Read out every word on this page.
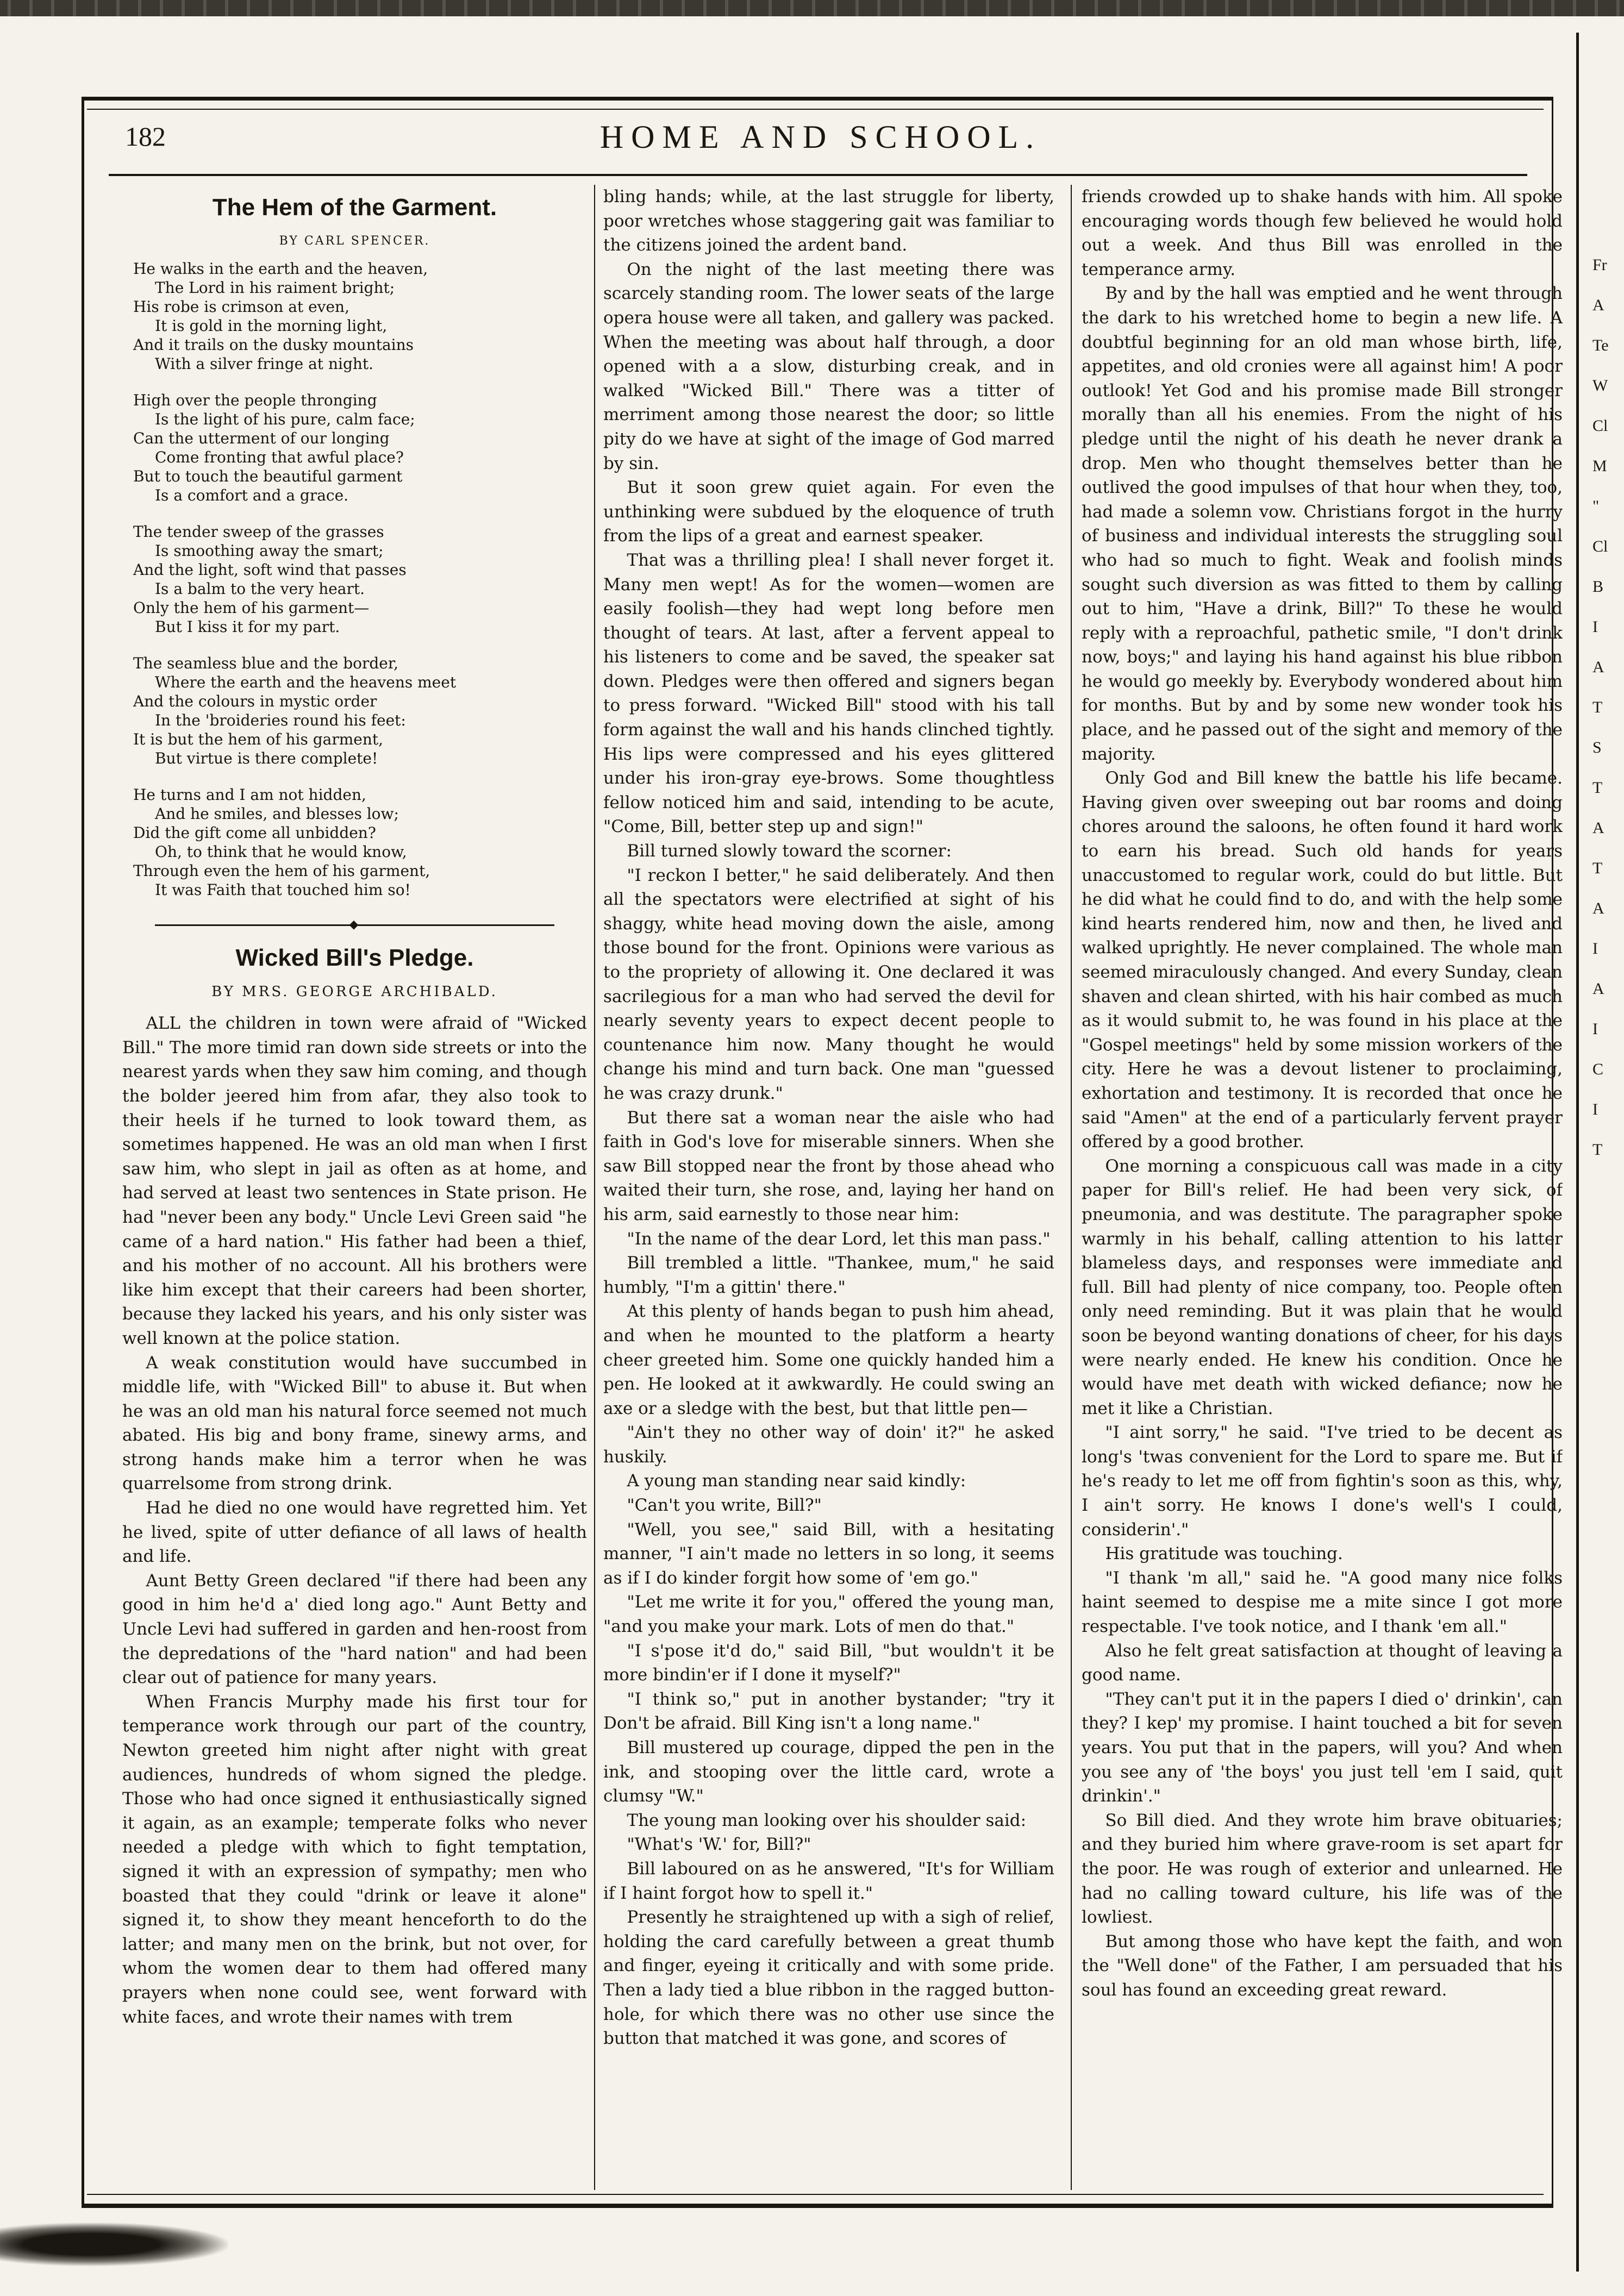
Fr
A
Te
W
Cl
M
"
Cl
B
I
A
T
S
T
A
T
A
I
A
I
C
I
T
182	HOME AND SCHOOL.
The Hem of the Garment.
BY CARL SPENCER.
He walks in the earth and the heaven,
The Lord in his raiment bright;
His robe is crimson at even,
It is gold in the morning light,
And it trails on the dusky mountains
With a silver fringe at night.
High over the people thronging
Is the light of his pure, calm face;
Can the utterment of our longing
Come fronting that awful place?
But to touch the beautiful garment
Is a comfort and a grace.
The tender sweep of the grasses
Is smoothing away the smart;
And the light, soft wind that passes
Is a balm to the very heart.
Only the hem of his garment—
But I kiss it for my part.
The seamless blue and the border,
Where the earth and the heavens meet
And the colours in mystic order
In the 'broideries round his feet:
It is but the hem of his garment,
But virtue is there complete!
He turns and I am not hidden,
And he smiles, and blesses low;
Did the gift come all unbidden?
Oh, to think that he would know,
Through even the hem of his garment,
It was Faith that touched him so!
◆
Wicked Bill's Pledge.
BY MRS. GEORGE ARCHIBALD.

ALL the children in town were afraid of "Wicked Bill." The more timid ran down side streets or into the nearest yards when they saw him coming, and though the bolder jeered him from afar, they also took to their heels if he turned to look toward them, as sometimes happened. He was an old man when I first saw him, who slept in jail as often as at home, and had served at least two sentences in State prison. He had "never been any body." Uncle Levi Green said "he came of a hard nation." His father had been a thief, and his mother of no account. All his brothers were like him except that their careers had been shorter, because they lacked his years, and his only sister was well known at the police station.

A weak constitution would have succumbed in middle life, with "Wicked Bill" to abuse it. But when he was an old man his natural force seemed not much abated. His big and bony frame, sinewy arms, and strong hands make him a terror when he was quarrelsome from strong drink.

Had he died no one would have regretted him. Yet he lived, spite of utter defiance of all laws of health and life.

Aunt Betty Green declared "if there had been any good in him he'd a' died long ago." Aunt Betty and Uncle Levi had suffered in garden and hen-roost from the depredations of the "hard nation" and had been clear out of patience for many years.

When Francis Murphy made his first tour for temperance work through our part of the country, Newton greeted him night after night with great audiences, hundreds of whom signed the pledge. Those who had once signed it enthusiastically signed it again, as an example; temperate folks who never needed a pledge with which to fight temptation, signed it with an expression of sympathy; men who boasted that they could "drink or leave it alone" signed it, to show they meant henceforth to do the latter; and many men on the brink, but not over, for whom the women dear to them had offered many prayers when none could see, went forward with white faces, and wrote their names with trem

bling hands; while, at the last struggle for liberty, poor wretches whose staggering gait was familiar to the citizens joined the ardent band.

On the night of the last meeting there was scarcely standing room. The lower seats of the large opera house were all taken, and gallery was packed. When the meeting was about half through, a door opened with a a slow, disturbing creak, and in walked "Wicked Bill." There was a titter of merriment among those nearest the door; so little pity do we have at sight of the image of God marred by sin.

But it soon grew quiet again. For even the unthinking were subdued by the eloquence of truth from the lips of a great and earnest speaker.

That was a thrilling plea! I shall never forget it. Many men wept! As for the women—women are easily foolish—they had wept long before men thought of tears. At last, after a fervent appeal to his listeners to come and be saved, the speaker sat down. Pledges were then offered and signers began to press forward. "Wicked Bill" stood with his tall form against the wall and his hands clinched tightly. His lips were compressed and his eyes glittered under his iron-gray eye-brows. Some thoughtless fellow noticed him and said, intending to be acute, "Come, Bill, better step up and sign!"

Bill turned slowly toward the scorner:

"I reckon I better," he said deliberately. And then all the spectators were electrified at sight of his shaggy, white head moving down the aisle, among those bound for the front. Opinions were various as to the propriety of allowing it. One declared it was sacrilegious for a man who had served the devil for nearly seventy years to expect decent people to countenance him now. Many thought he would change his mind and turn back. One man "guessed he was crazy drunk."

But there sat a woman near the aisle who had faith in God's love for miserable sinners. When she saw Bill stopped near the front by those ahead who waited their turn, she rose, and, laying her hand on his arm, said earnestly to those near him:

"In the name of the dear Lord, let this man pass."

Bill trembled a little. "Thankee, mum," he said humbly, "I'm a gittin' there."

At this plenty of hands began to push him ahead, and when he mounted to the platform a hearty cheer greeted him. Some one quickly handed him a pen. He looked at it awkwardly. He could swing an axe or a sledge with the best, but that little pen—

"Ain't they no other way of doin' it?" he asked huskily.

A young man standing near said kindly:

"Can't you write, Bill?"

"Well, you see," said Bill, with a hesitating manner, "I ain't made no letters in so long, it seems as if I do kinder forgit how some of 'em go."

"Let me write it for you," offered the young man, "and you make your mark. Lots of men do that."

"I s'pose it'd do," said Bill, "but wouldn't it be more bindin'er if I done it myself?"

"I think so," put in another bystander; "try it Don't be afraid. Bill King isn't a long name."

Bill mustered up courage, dipped the pen in the ink, and stooping over the little card, wrote a clumsy "W."

The young man looking over his shoulder said:

"What's 'W.' for, Bill?"

Bill laboured on as he answered, "It's for William if I haint forgot how to spell it."

Presently he straightened up with a sigh of relief, holding the card carefully between a great thumb and finger, eyeing it critically and with some pride. Then a lady tied a blue ribbon in the ragged button-hole, for which there was no other use since the button that matched it was gone, and scores of

friends crowded up to shake hands with him. All spoke encouraging words though few believed he would hold out a week. And thus Bill was enrolled in the temperance army.

By and by the hall was emptied and he went through the dark to his wretched home to begin a new life. A doubtful beginning for an old man whose birth, life, appetites, and old cronies were all against him! A poor outlook! Yet God and his promise made Bill stronger morally than all his enemies. From the night of his pledge until the night of his death he never drank a drop. Men who thought themselves better than he outlived the good impulses of that hour when they, too, had made a solemn vow. Christians forgot in the hurry of business and individual interests the struggling soul who had so much to fight. Weak and foolish minds sought such diversion as was fitted to them by calling out to him, "Have a drink, Bill?" To these he would reply with a reproachful, pathetic smile, "I don't drink now, boys;" and laying his hand against his blue ribbon he would go meekly by. Everybody wondered about him for months. But by and by some new wonder took his place, and he passed out of the sight and memory of the majority.

Only God and Bill knew the battle his life became. Having given over sweeping out bar rooms and doing chores around the saloons, he often found it hard work to earn his bread. Such old hands for years unaccustomed to regular work, could do but little. But he did what he could find to do, and with the help some kind hearts rendered him, now and then, he lived and walked uprightly. He never complained. The whole man seemed miraculously changed. And every Sunday, clean shaven and clean shirted, with his hair combed as much as it would submit to, he was found in his place at the "Gospel meetings" held by some mission workers of the city. Here he was a devout listener to proclaiming, exhortation and testimony. It is recorded that once he said "Amen" at the end of a particularly fervent prayer offered by a good brother.

One morning a conspicuous call was made in a city paper for Bill's relief. He had been very sick, of pneumonia, and was destitute. The paragrapher spoke warmly in his behalf, calling attention to his latter blameless days, and responses were immediate and full. Bill had plenty of nice company, too. People often only need reminding. But it was plain that he would soon be beyond wanting donations of cheer, for his days were nearly ended. He knew his condition. Once he would have met death with wicked defiance; now he met it like a Christian.

"I aint sorry," he said. "I've tried to be decent as long's 'twas convenient for the Lord to spare me. But if he's ready to let me off from fightin's soon as this, why, I ain't sorry. He knows I done's well's I could, considerin'."

His gratitude was touching.

"I thank 'm all," said he. "A good many nice folks haint seemed to despise me a mite since I got more respectable. I've took notice, and I thank 'em all."

Also he felt great satisfaction at thought of leaving a good name.

"They can't put it in the papers I died o' drinkin', can they? I kep' my promise. I haint touched a bit for seven years. You put that in the papers, will you? And when you see any of 'the boys' you just tell 'em I said, quit drinkin'."

So Bill died. And they wrote him brave obituaries; and they buried him where grave-room is set apart for the poor. He was rough of exterior and unlearned. He had no calling toward culture, his life was of the lowliest.

But among those who have kept the faith, and won the "Well done" of the Father, I am persuaded that his soul has found an exceeding great reward.
